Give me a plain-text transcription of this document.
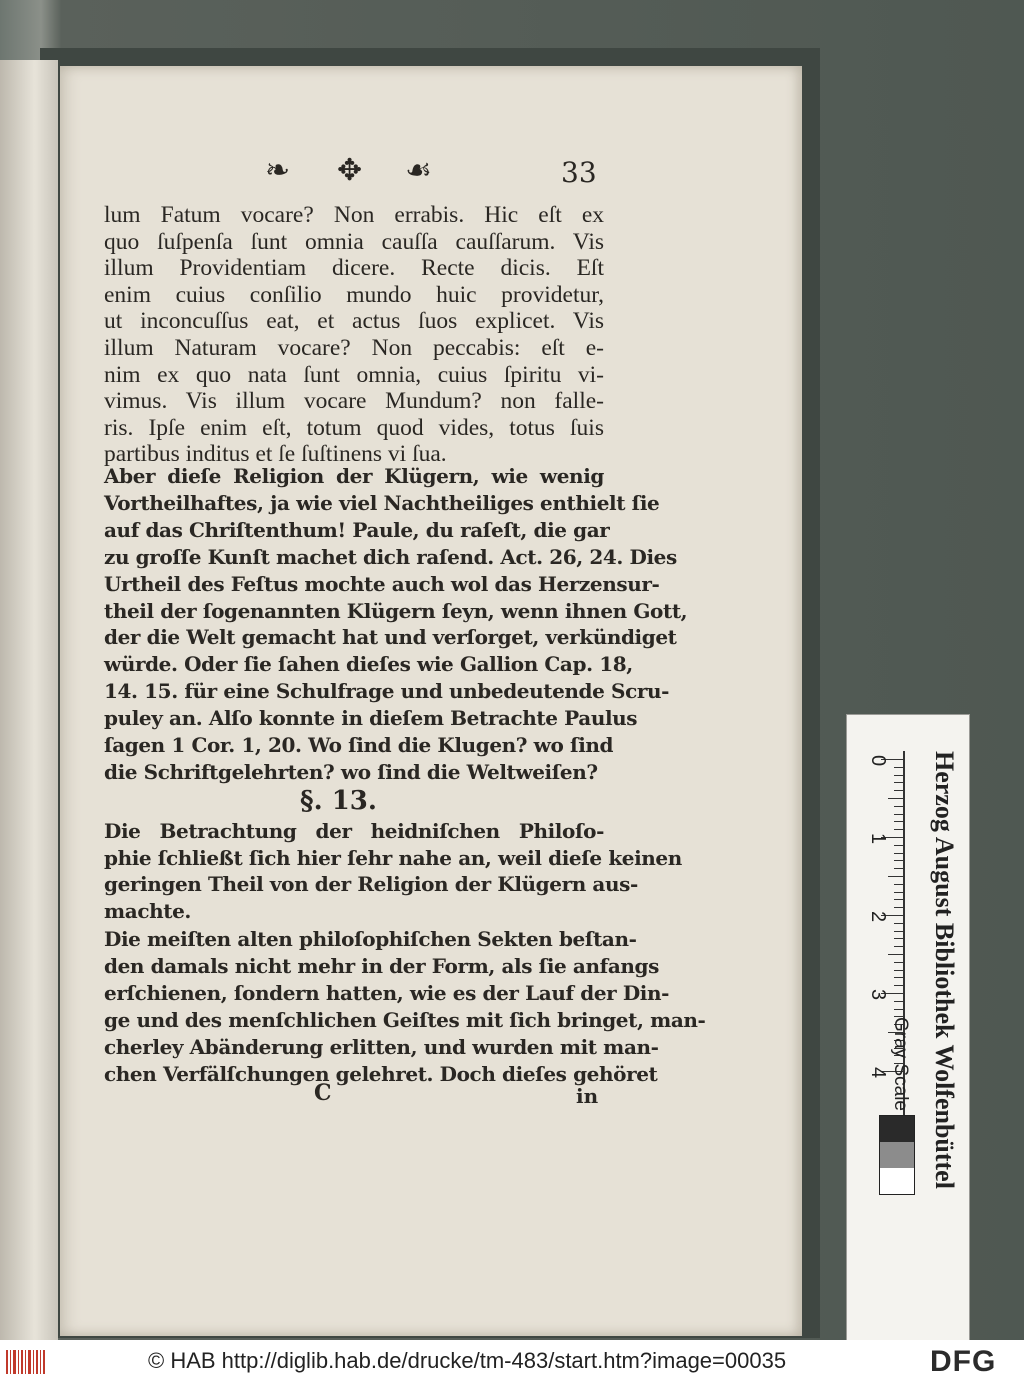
❧ ✥ ☙	33
lum Fatum vocare? Non errabis. Hic eſt ex
quo ſuſpenſa ſunt omnia cauſſa cauſſarum. Vis
illum Providentiam dicere. Recte dicis. Eſt
enim cuius conſilio mundo huic providetur,
ut inconcuſſus eat, et actus ſuos explicet. Vis
illum Naturam vocare? Non peccabis: eſt e-
nim ex quo nata ſunt omnia, cuius ſpiritu vi-
vimus. Vis illum vocare Mundum? non falle-
ris. Ipſe enim eſt, totum quod vides, totus ſuis
partibus inditus et ſe ſuſtinens vi ſua.
Aber dieſe Religion der Klügern, wie wenig
Vortheilhaftes, ja wie viel Nachtheiliges enthielt ſie
auf das Chriſtenthum! Paule, du raſeſt, die gar
zu groſſe Kunſt machet dich raſend. Act. 26, 24. Dies
Urtheil des Feſtus mochte auch wol das Herzensur-
theil der ſogenannten Klügern ſeyn, wenn ihnen Gott,
der die Welt gemacht hat und verſorget, verkündiget
würde. Oder ſie ſahen dieſes wie Gallion Cap. 18,
14. 15. für eine Schulfrage und unbedeutende Scru-
puley an. Alſo konnte in dieſem Betrachte Paulus
ſagen 1 Cor. 1, 20. Wo ſind die Klugen? wo ſind
die Schriftgelehrten? wo ſind die Weltweiſen?
§. 13.
Die Betrachtung der heidniſchen Philoſo-
phie ſchließt ſich hier ſehr nahe an, weil dieſe keinen
geringen Theil von der Religion der Klügern aus-
machte.
Die meiſten alten philoſophiſchen Sekten beſtan-
den damals nicht mehr in der Form, als ſie anfangs
erſchienen, ſondern hatten, wie es der Lauf der Din-
ge und des menſchlichen Geiſtes mit ſich bringet, man-
cherley Abänderung erlitten, und wurden mit man-
chen Verfälſchungen gelehret. Doch dieſes gehöret
C	in
0
1
2
3
4 Gray Scale Herzog August Bibliothek Wolfenbüttel
© HAB http://diglib.hab.de/drucke/tm-483/start.htm?image=00035	DFG
